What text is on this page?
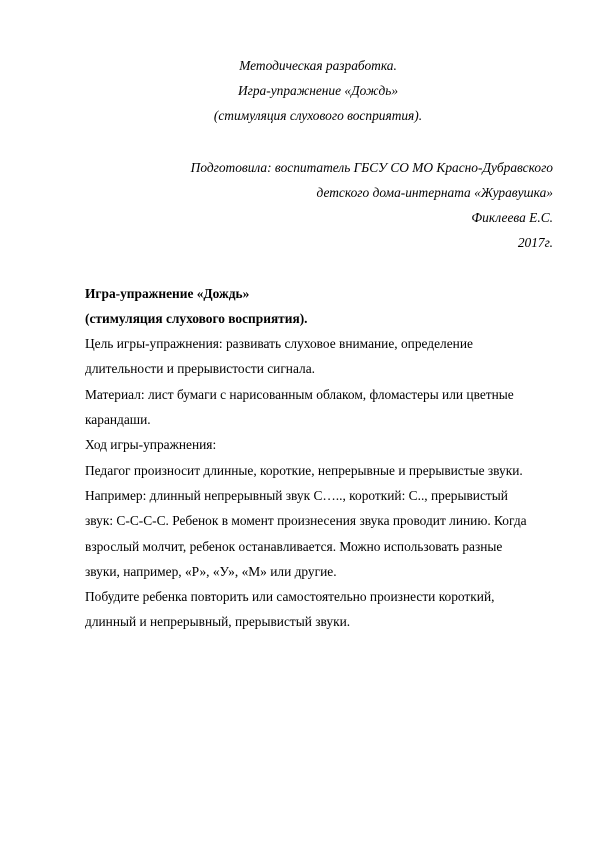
Методическая разработка.
Игра-упражнение «Дождь»
(стимуляция слухового восприятия).
Подготовила: воспитатель ГБСУ СО МО Красно-Дубравского
детского дома-интерната «Журавушка»
Фиклеева Е.С.
2017г.
Игра-упражнение «Дождь»
(стимуляция слухового восприятия).
Цель игры-упражнения: развивать слуховое внимание, определение
длительности и прерывистости сигнала.
Материал: лист бумаги с нарисованным облаком, фломастеры или цветные
карандаши.
Ход игры-упражнения:
Педагог произносит длинные, короткие, непрерывные и прерывистые звуки.
Например: длинный непрерывный звук С….., короткий: С.., прерывистый
звук: С-С-С-С. Ребенок в момент произнесения звука проводит линию. Когда
взрослый молчит, ребенок останавливается. Можно использовать разные
звуки, например, «Р», «У», «М» или другие.
Побудите ребенка повторить или самостоятельно произнести короткий,
длинный и непрерывный, прерывистый звуки.
